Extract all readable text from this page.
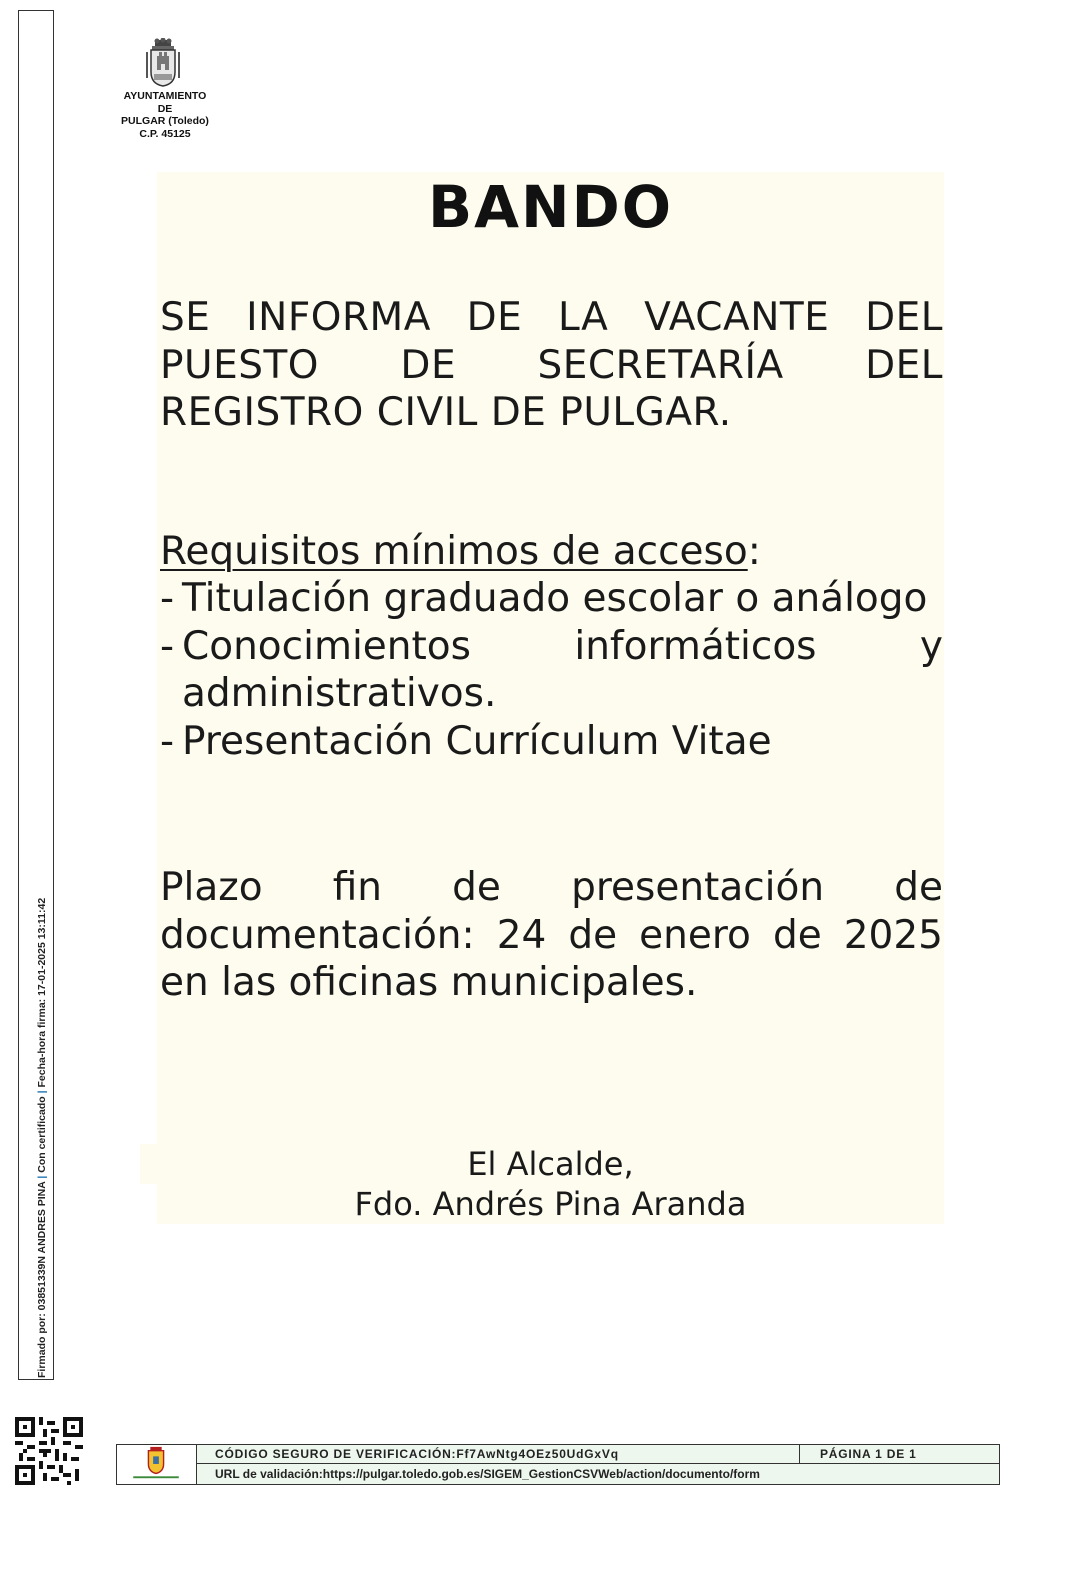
Firmado por: 03851339N ANDRES PINA | Con certificado | Fecha-hora firma: 17-01-2025 13:11:42
AYUNTAMIENTO
DE
PULGAR (Toledo)
C.P. 45125
BANDO
SE INFORMA DE LA VACANTE DEL PUESTO DE SECRETARÍA DEL REGISTRO CIVIL DE PULGAR.
Requisitos mínimos de acceso:
- Titulación graduado escolar o análogo
- Conocimientos informáticos y administrativos.
- Presentación Currículum Vitae
Plazo fin de presentación de documentación: 24 de enero de 2025 en las oficinas municipales.
El Alcalde,
Fdo. Andrés Pina Aranda
CÓDIGO SEGURO DE VERIFICACIÓN:Ff7AwNtg4OEz50UdGxVq	PÁGINA 1 DE 1
URL de validación:https://pulgar.toledo.gob.es/SIGEM_GestionCSVWeb/action/documento/form
